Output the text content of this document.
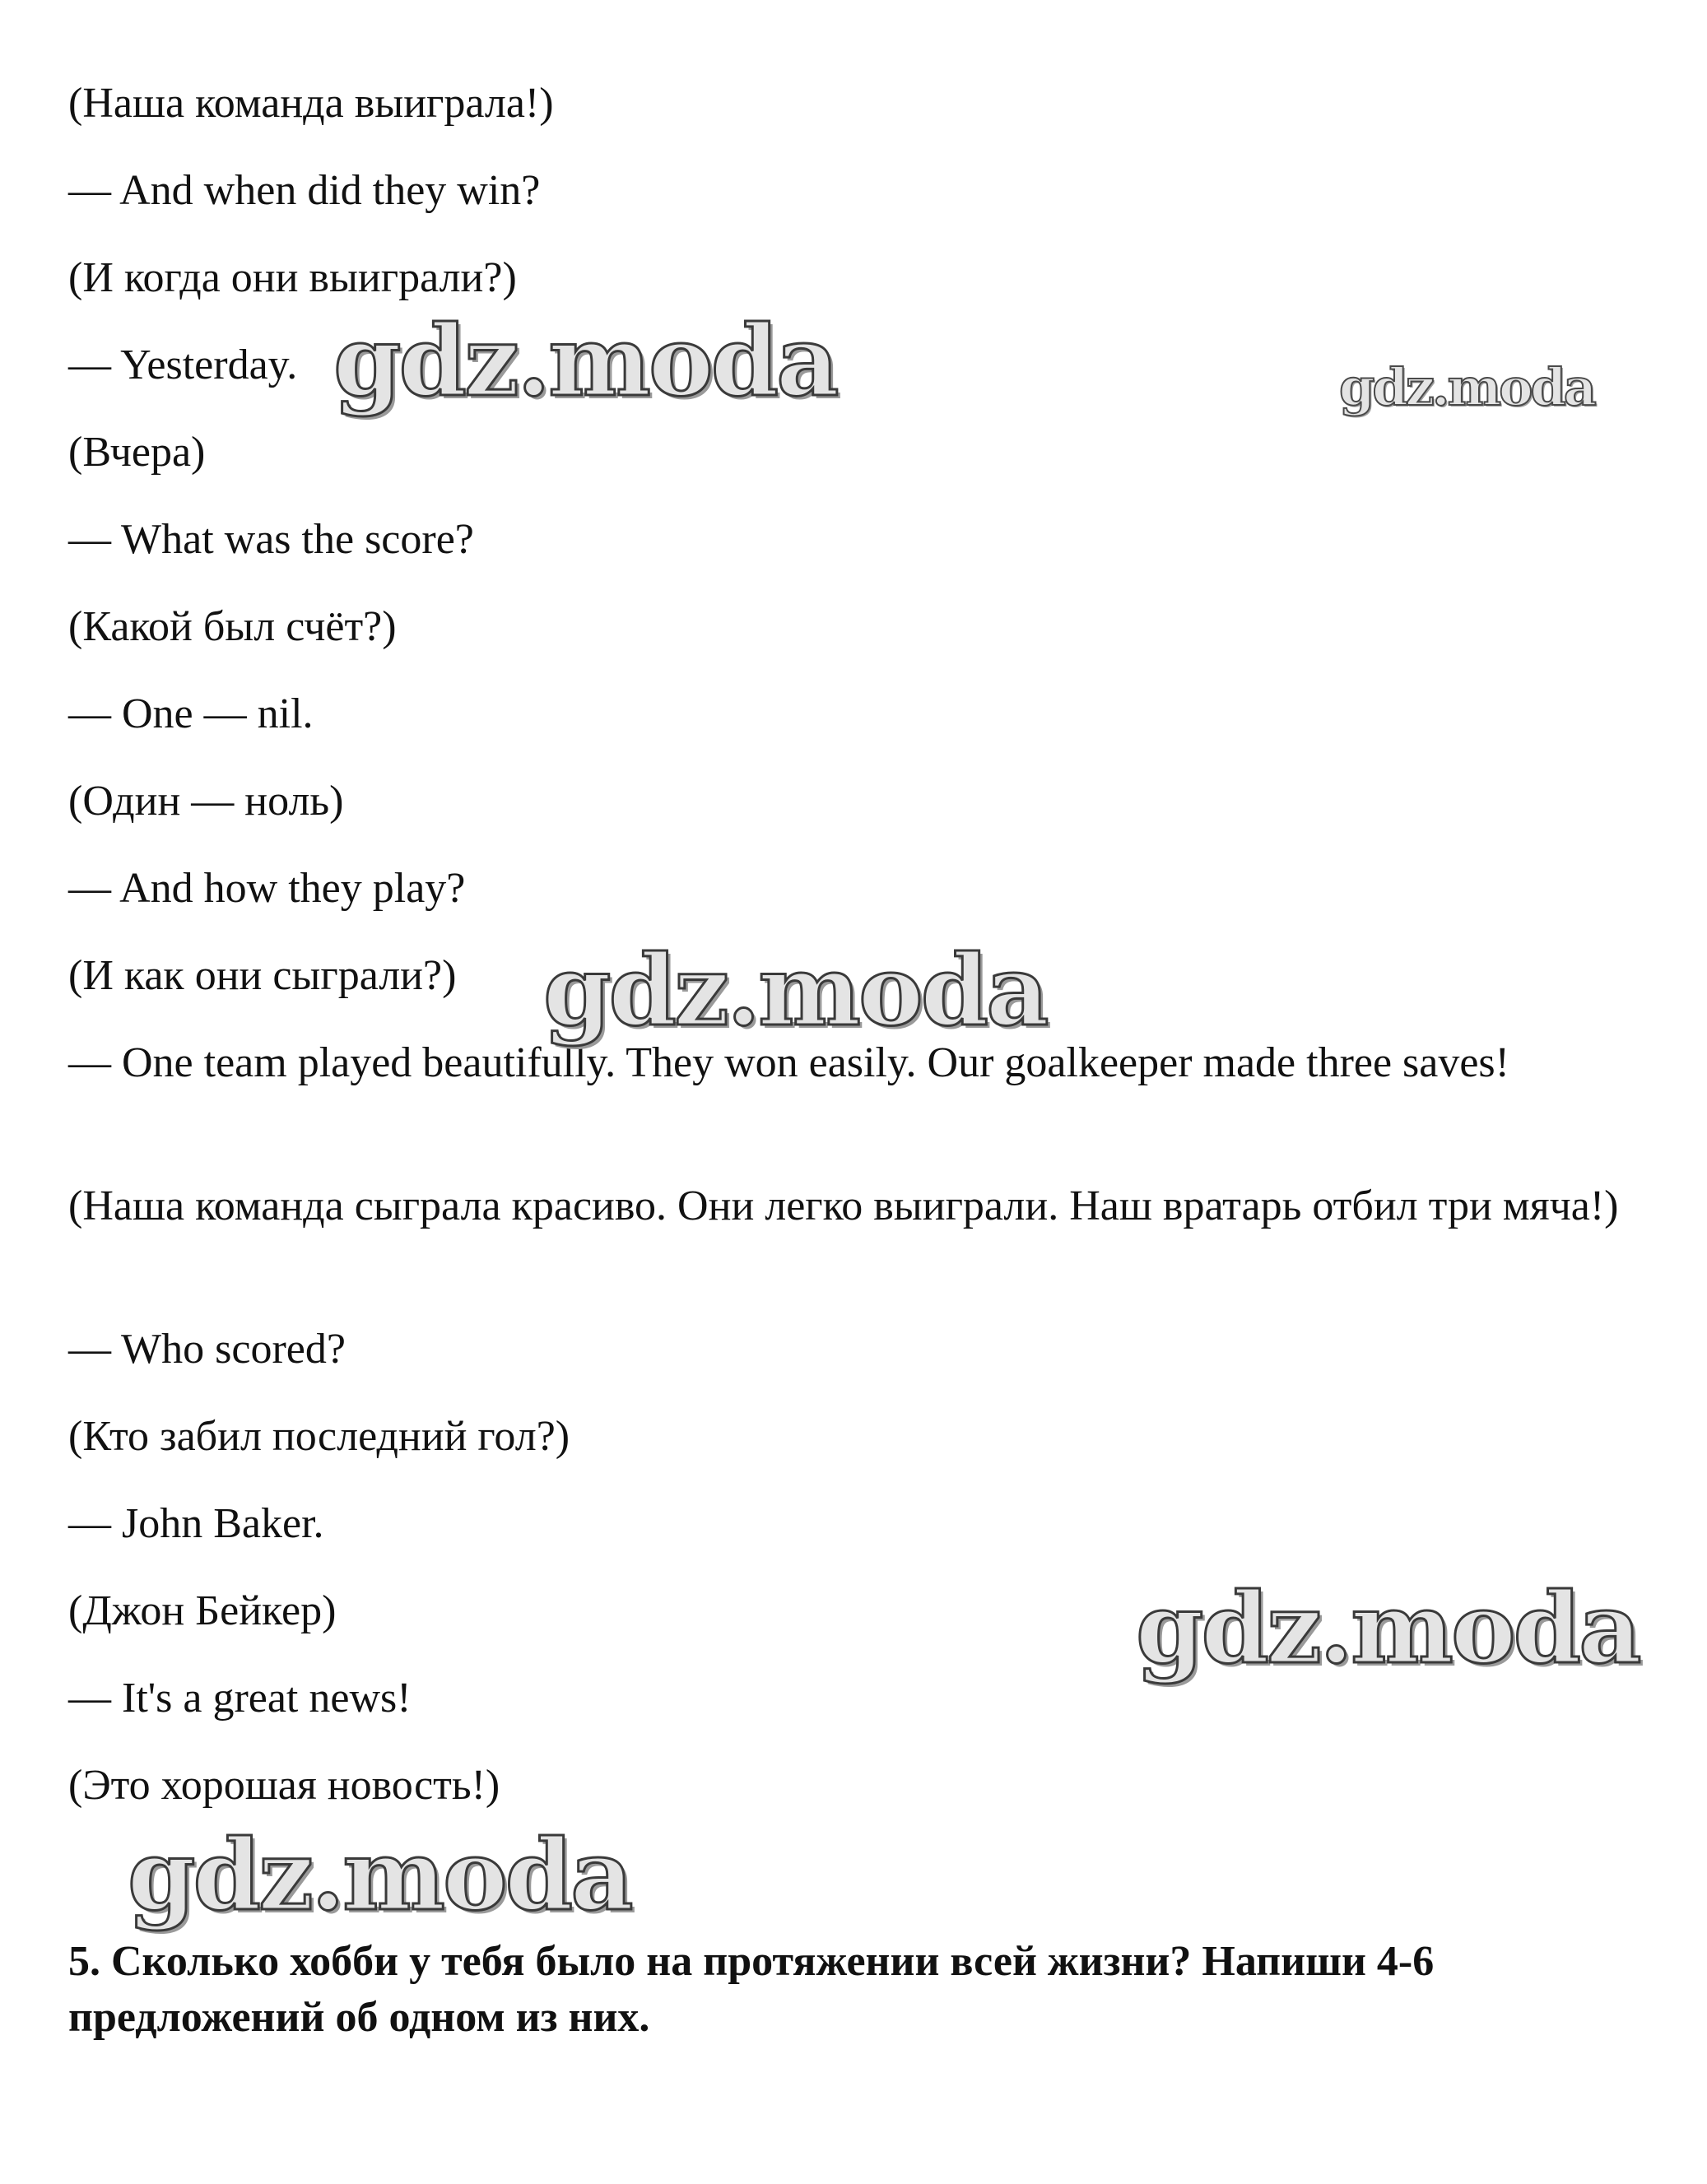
(Наша команда выиграла!)

— And when did they win?

(И когда они выиграли?)

— Yesterday.

(Вчера)

— What was the score?

(Какой был счёт?)

— One — nil.

(Один — ноль)

— And how they play?

(И как они сыграли?)

— One team played beautifully. They won easily. Our goalkeeper made three saves!

(Наша команда сыграла красиво. Они легко выиграли. Наш вратарь отбил три мяча!)

— Who scored?

(Кто забил последний гол?)

— John Baker.

(Джон Бейкер)

— It's a great news!

(Это хорошая новость!)

5. Сколько хобби у тебя было на протяжении всей жизни? Напиши 4-6 предложений об одном из них.

gdz.moda	gdz.moda
gdz.moda
gdz.moda
gdz.moda
